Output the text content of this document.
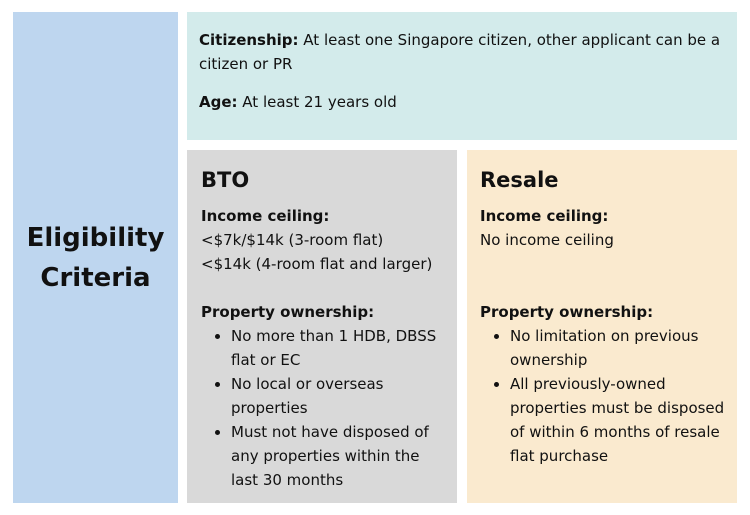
Eligibility
Criteria

Citizenship: At least one Singapore citizen, other applicant can be a citizen or PR

Age: At least 21 years old

BTO

Income ceiling:

<$7k/$14k (3-room flat)

<$14k (4-room flat and larger)

Property ownership:

• No more than 1 HDB, DBSS flat or EC
• No local or overseas properties
• Must not have disposed of any properties within the last 30 months
Resale

Income ceiling:

No income ceiling

Property ownership:

• No limitation on previous ownership
• All previously-owned properties must be disposed of within 6 months of resale flat purchase
